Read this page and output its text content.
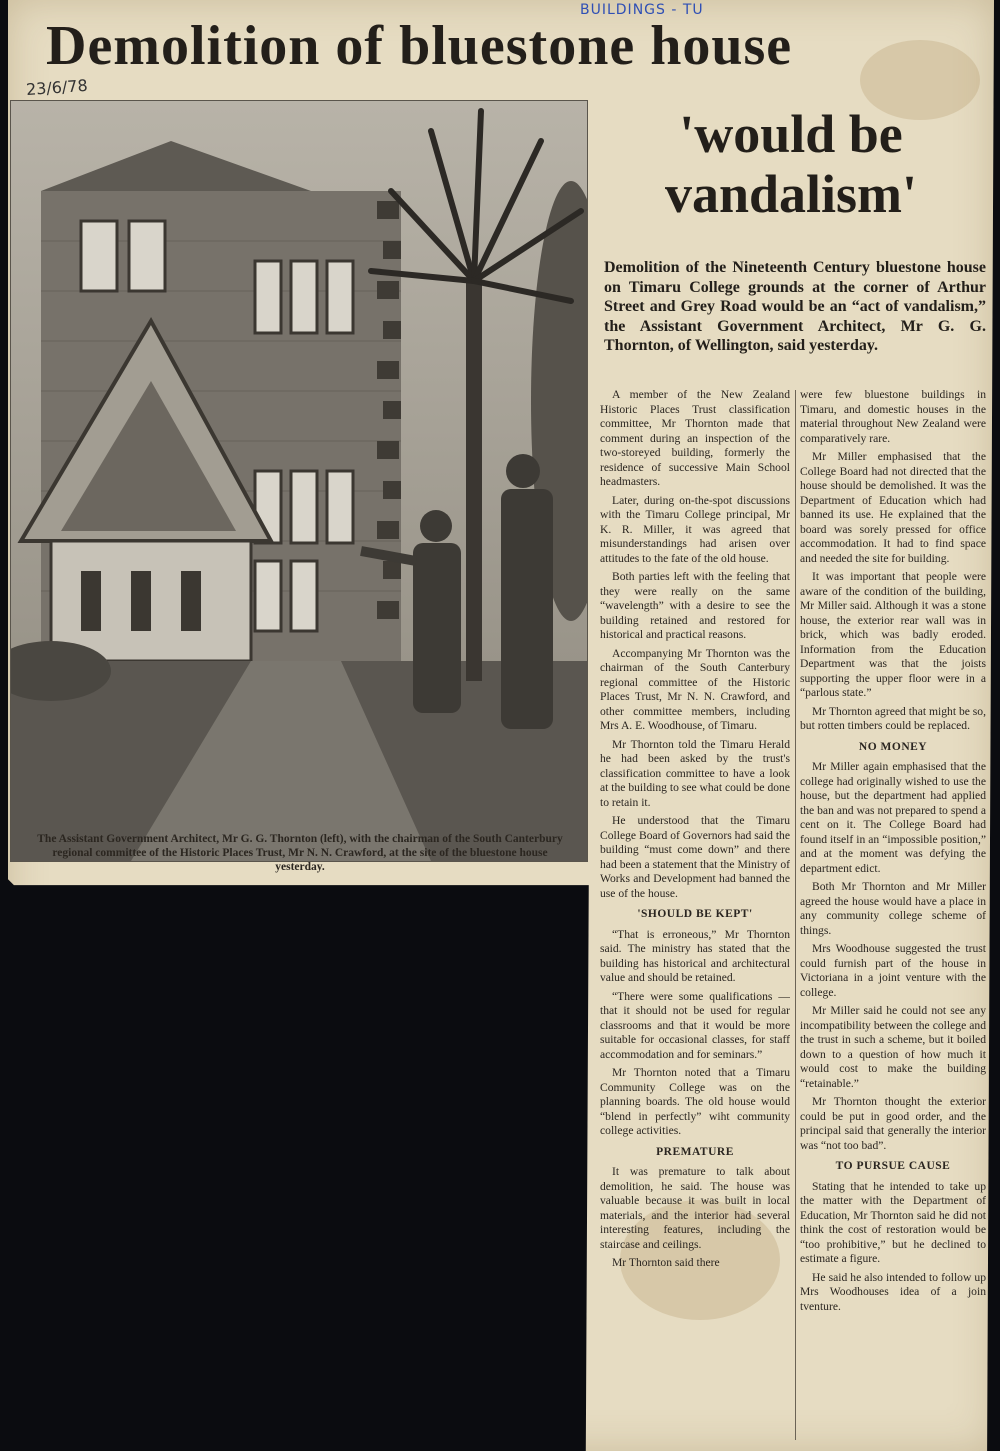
BUILDINGS - TU
23/6/78
Demolition of bluestone house
'would be
vandalism'
The Assistant Government Architect, Mr G. G. Thornton (left), with the chairman of the South Canterbury regional committee of the Historic Places Trust, Mr N. N. Crawford, at the site of the bluestone house yesterday.
Demolition of the Nineteenth Century bluestone house on Timaru College grounds at the corner of Arthur Street and Grey Road would be an “act of vandalism,” the Assistant Government Architect, Mr G. G. Thornton, of Wellington, said yesterday.

A member of the New Zealand Historic Places Trust classification committee, Mr Thornton made that comment during an inspection of the two-storeyed building, formerly the residence of successive Main School headmasters.

Later, during on-the-spot discussions with the Timaru College principal, Mr K. R. Miller, it was agreed that misunderstandings had arisen over attitudes to the fate of the old house.

Both parties left with the feeling that they were really on the same “wavelength” with a desire to see the building retained and restored for historical and practical reasons.

Accompanying Mr Thornton was the chairman of the South Canterbury regional committee of the Historic Places Trust, Mr N. N. Crawford, and other committee members, including Mrs A. E. Woodhouse, of Timaru.

Mr Thornton told the Timaru Herald he had been asked by the trust's classification committee to have a look at the building to see what could be done to retain it.

He understood that the Timaru College Board of Governors had said the building “must come down” and there had been a statement that the Ministry of Works and Development had banned the use of the house.

'SHOULD BE KEPT'

“That is erroneous,” Mr Thornton said. The ministry has stated that the building has historical and architectural value and should be retained.

“There were some qualifications — that it should not be used for regular classrooms and that it would be more suitable for occasional classes, for staff accommodation and for seminars.”

Mr Thornton noted that a Timaru Community College was on the planning boards. The old house would “blend in perfectly” wiht community college activities.

PREMATURE

It was premature to talk about demolition, he said. The house was valuable because it was built in local materials, and the interior had several interesting features, including the staircase and ceilings.

Mr Thornton said there

were few bluestone buildings in Timaru, and domestic houses in the material throughout New Zealand were comparatively rare.

Mr Miller emphasised that the College Board had not directed that the house should be demolished. It was the Department of Education which had banned its use. He explained that the board was sorely pressed for office accommodation. It had to find space and needed the site for building.

It was important that people were aware of the condition of the building, Mr Miller said. Although it was a stone house, the exterior rear wall was in brick, which was badly eroded. Information from the Education Department was that the joists supporting the upper floor were in a “parlous state.”

Mr Thornton agreed that might be so, but rotten timbers could be replaced.

NO MONEY

Mr Miller again emphasised that the college had originally wished to use the house, but the department had applied the ban and was not prepared to spend a cent on it. The College Board had found itself in an “impossible position,” and at the moment was defying the department edict.

Both Mr Thornton and Mr Miller agreed the house would have a place in any community college scheme of things.

Mrs Woodhouse suggested the trust could furnish part of the house in Victoriana in a joint venture with the college.

Mr Miller said he could not see any incompatibility between the college and the trust in such a scheme, but it boiled down to a question of how much it would cost to make the building “retainable.”

Mr Thornton thought the exterior could be put in good order, and the principal said that generally the interior was “not too bad”.

TO PURSUE CAUSE

Stating that he intended to take up the matter with the Department of Education, Mr Thornton said he did not think the cost of restoration would be “too prohibitive,” but he declined to estimate a figure.

He said he also intended to follow up Mrs Woodhouses idea of a join tventure.
